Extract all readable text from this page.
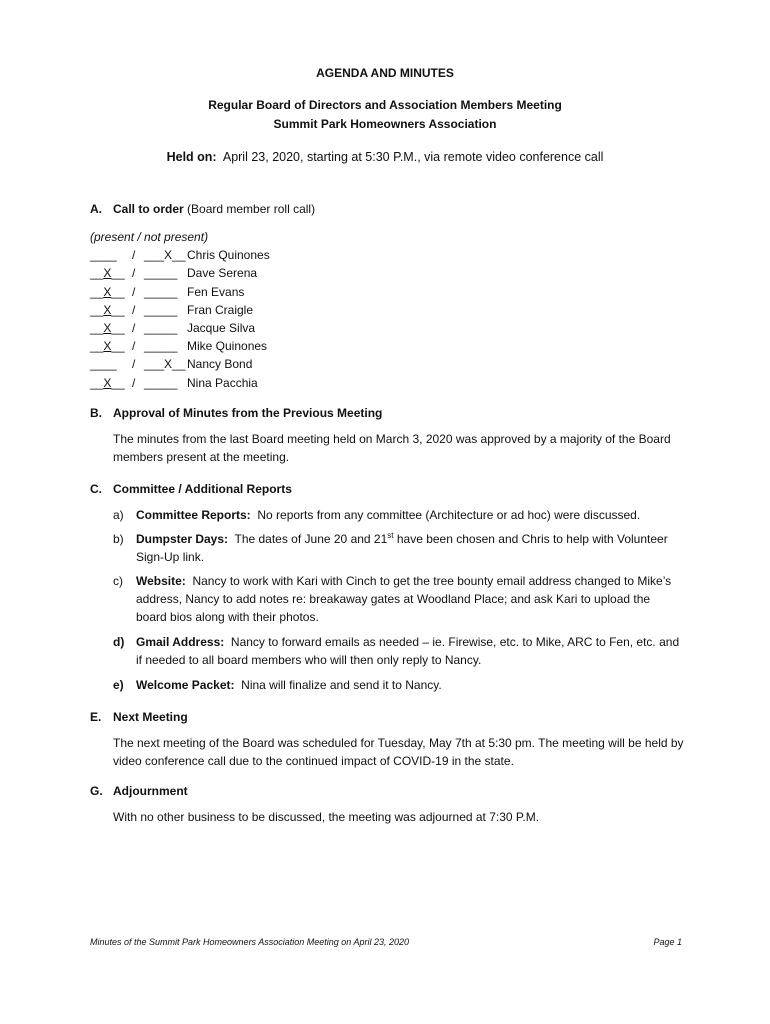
AGENDA AND MINUTES
Regular Board of Directors and Association Members Meeting
Summit Park Homeowners Association
Held on: April 23, 2020, starting at 5:30 P.M., via remote video conference call
A. Call to order (Board member roll call)
(present / not present)
____ / ___X__ Chris Quinones
__X__ / _____ Dave Serena
__X__ / _____ Fen Evans
__X__ / _____ Fran Craigle
__X__ / _____ Jacque Silva
__X__ / _____ Mike Quinones
____ / ___X__ Nancy Bond
__X__ / _____ Nina Pacchia
B. Approval of Minutes from the Previous Meeting
The minutes from the last Board meeting held on March 3, 2020 was approved by a majority of the Board members present at the meeting.
C. Committee / Additional Reports
a)	Committee Reports: No reports from any committee (Architecture or ad hoc) were discussed.
b)	Dumpster Days: The dates of June 20 and 21st have been chosen and Chris to help with Volunteer Sign-Up link.
c)	Website: Nancy to work with Kari with Cinch to get the tree bounty email address changed to Mike’s address, Nancy to add notes re: breakaway gates at Woodland Place; and ask Kari to upload the board bios along with their photos.
d) Gmail Address: Nancy to forward emails as needed – ie. Firewise, etc. to Mike, ARC to Fen, etc. and if needed to all board members who will then only reply to Nancy.
e)	Welcome Packet: Nina will finalize and send it to Nancy.
E. Next Meeting
The next meeting of the Board was scheduled for Tuesday, May 7th at 5:30 pm. The meeting will be held by video conference call due to the continued impact of COVID-19 in the state.
G. Adjournment
With no other business to be discussed, the meeting was adjourned at 7:30 P.M.
Minutes of the Summit Park Homeowners Association Meeting on April 23, 2020	Page 1
